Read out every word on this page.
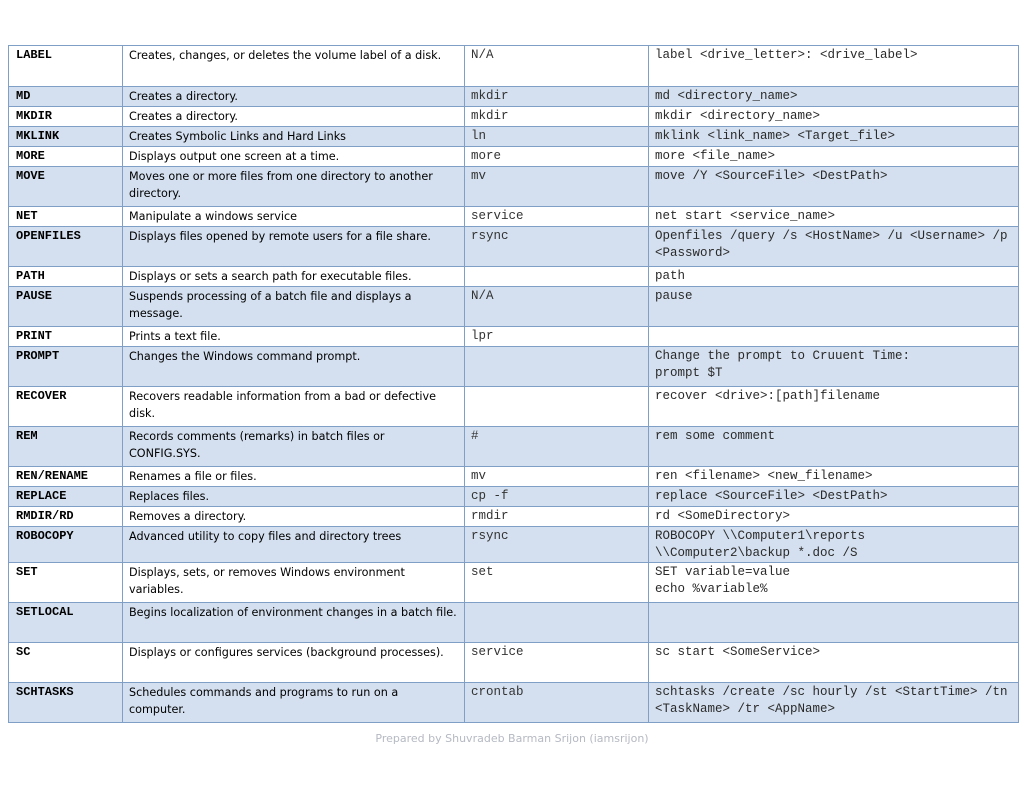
LABEL	Creates, changes, or deletes the volume label of a disk.	N/A	label <drive_letter>: <drive_label>
MD	Creates a directory.	mkdir	md <directory_name>
MKDIR	Creates a directory.	mkdir	mkdir <directory_name>
MKLINK	Creates Symbolic Links and Hard Links	ln	mklink <link_name> <Target_file>
MORE	Displays output one screen at a time.	more	more <file_name>
MOVE	Moves one or more files from one directory to another directory.	mv	move /Y <SourceFile> <DestPath>
NET	Manipulate a windows service	service	net start <service_name>
OPENFILES	Displays files opened by remote users for a file share.	rsync	Openfiles /query /s <HostName> /u <Username> /p <Password>
PATH	Displays or sets a search path for executable files.		path
PAUSE	Suspends processing of a batch file and displays a message.	N/A	pause
PRINT	Prints a text file.	lpr	
PROMPT	Changes the Windows command prompt.		Change the prompt to Cruuent Time:
prompt $T
RECOVER	Recovers readable information from a bad or defective disk.		recover <drive>:[path]filename
REM	Records comments (remarks) in batch files or CONFIG.SYS.	#	rem some comment
REN/RENAME	Renames a file or files.	mv	ren <filename> <new_filename>
REPLACE	Replaces files.	cp -f	replace <SourceFile> <DestPath>
RMDIR/RD	Removes a directory.	rmdir	rd <SomeDirectory>
ROBOCOPY	Advanced utility to copy files and directory trees	rsync	ROBOCOPY \\Computer1\reports
\\Computer2\backup *.doc /S
SET	Displays, sets, or removes Windows environment variables.	set	SET variable=value
echo %variable%
SETLOCAL	Begins localization of environment changes in a batch file.		
SC	Displays or configures services (background processes).	service	sc start <SomeService>
SCHTASKS	Schedules commands and programs to run on a computer.	crontab	schtasks /create /sc hourly /st <StartTime> /tn <TaskName> /tr <AppName>
Prepared by Shuvradeb Barman Srijon (iamsrijon)
